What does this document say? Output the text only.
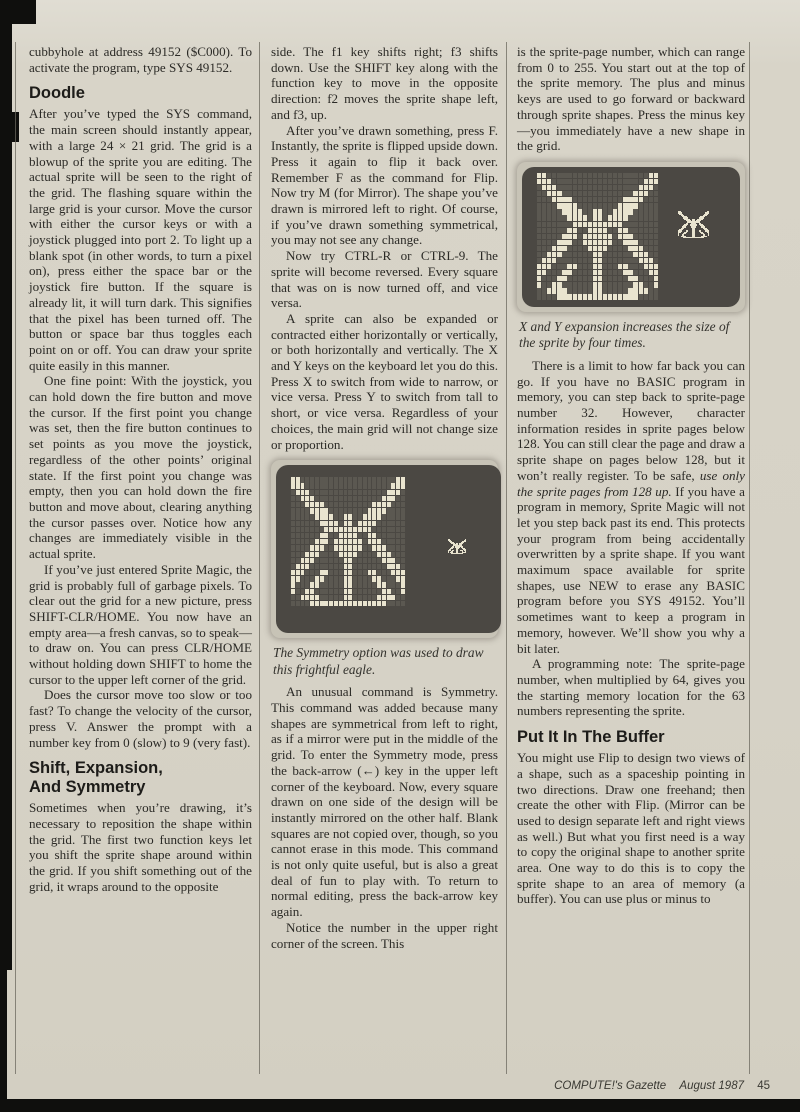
cubbyhole at address 49152 ($C000). To activate the program, type SYS 49152.

Doodle

After you’ve typed the SYS command, the main screen should instantly appear, with a large 24 × 21 grid. The grid is a blowup of the sprite you are editing. The actual sprite will be seen to the right of the grid. The flashing square within the large grid is your cursor. Move the cursor with either the cursor keys or with a joystick plugged into port 2. To light up a blank spot (in other words, to turn a pixel on), press either the space bar or the joystick fire button. If the square is already lit, it will turn dark. This signifies that the pixel has been turned off. The button or space bar thus toggles each point on or off. You can draw your sprite quite easily in this manner.

One fine point: With the joystick, you can hold down the fire button and move the cursor. If the first point you change was set, then the fire button continues to set points as you move the joystick, regardless of the other points’ original state. If the first point you change was empty, then you can hold down the fire button and move about, clearing anything the cursor passes over. Notice how any changes are immediately visible in the actual sprite.

If you’ve just entered Sprite Magic, the grid is probably full of garbage pixels. To clear out the grid for a new picture, press SHIFT-CLR/HOME. You now have an empty area—a fresh canvas, so to speak—to draw on. You can press CLR/HOME without holding down SHIFT to home the cursor to the upper left corner of the grid.

Does the cursor move too slow or too fast? To change the velocity of the cursor, press V. Answer the prompt with a number key from 0 (slow) to 9 (very fast).

Shift, Expansion,
And Symmetry

Sometimes when you’re drawing, it’s necessary to reposition the shape within the grid. The first two function keys let you shift the sprite shape around within the grid. If you shift something out of the grid, it wraps around to the opposite

side. The f1 key shifts right; f3 shifts down. Use the SHIFT key along with the function key to move in the opposite direction: f2 moves the sprite shape left, and f3, up.

After you’ve drawn something, press F. Instantly, the sprite is flipped upside down. Press it again to flip it back over. Remember F as the command for Flip. Now try M (for Mirror). The shape you’ve drawn is mirrored left to right. Of course, if you’ve drawn something symmetrical, you may not see any change.

Now try CTRL-R or CTRL-9. The sprite will become reversed. Every square that was on is now turned off, and vice versa.

A sprite can also be expanded or contracted either horizontally or vertically, or both horizontally and vertically. The X and Y keys on the keyboard let you do this. Press X to switch from wide to narrow, or vice versa. Press Y to switch from tall to short, or vice versa. Regardless of your choices, the main grid will not change size or proportion.

The Symmetry option was used to draw this frightful eagle.

An unusual command is Symmetry. This command was added because many shapes are symmetrical from left to right, as if a mirror were put in the middle of the grid. To enter the Symmetry mode, press the back-arrow (←) key in the upper left corner of the keyboard. Now, every square drawn on one side of the design will be instantly mirrored on the other half. Blank squares are not copied over, though, so you cannot erase in this mode. This command is not only quite useful, but is also a great deal of fun to play with. To return to normal editing, press the back-arrow key again.

Notice the number in the upper right corner of the screen. This

is the sprite-page number, which can range from 0 to 255. You start out at the top of the sprite memory. The plus and minus keys are used to go forward or backward through sprite shapes. Press the minus key—you immediately have a new shape in the grid.

X and Y expansion increases the size of the sprite by four times.

There is a limit to how far back you can go. If you have no BASIC program in memory, you can step back to sprite-page number 32. However, character information resides in sprite pages below 128. You can still clear the page and draw a sprite shape on pages below 128, but it won’t really register. To be safe, use only the sprite pages from 128 up. If you have a program in memory, Sprite Magic will not let you step back past its end. This protects your program from being accidentally overwritten by a sprite shape. If you want maximum space available for sprite shapes, use NEW to erase any BASIC program before you SYS 49152. You’ll sometimes want to keep a program in memory, however. We’ll show you why a bit later.

A programming note: The sprite-page number, when multiplied by 64, gives you the starting memory location for the 63 numbers representing the sprite.

Put It In The Buffer

You might use Flip to design two views of a shape, such as a spaceship pointing in two directions. Draw one freehand; then create the other with Flip. (Mirror can be used to design separate left and right views as well.) But what you first need is a way to copy the original shape to another sprite area. One way to do this is to copy the sprite shape to an area of memory (a buffer). You can use plus or minus to

COMPUTE!'s Gazette August 1987 45
